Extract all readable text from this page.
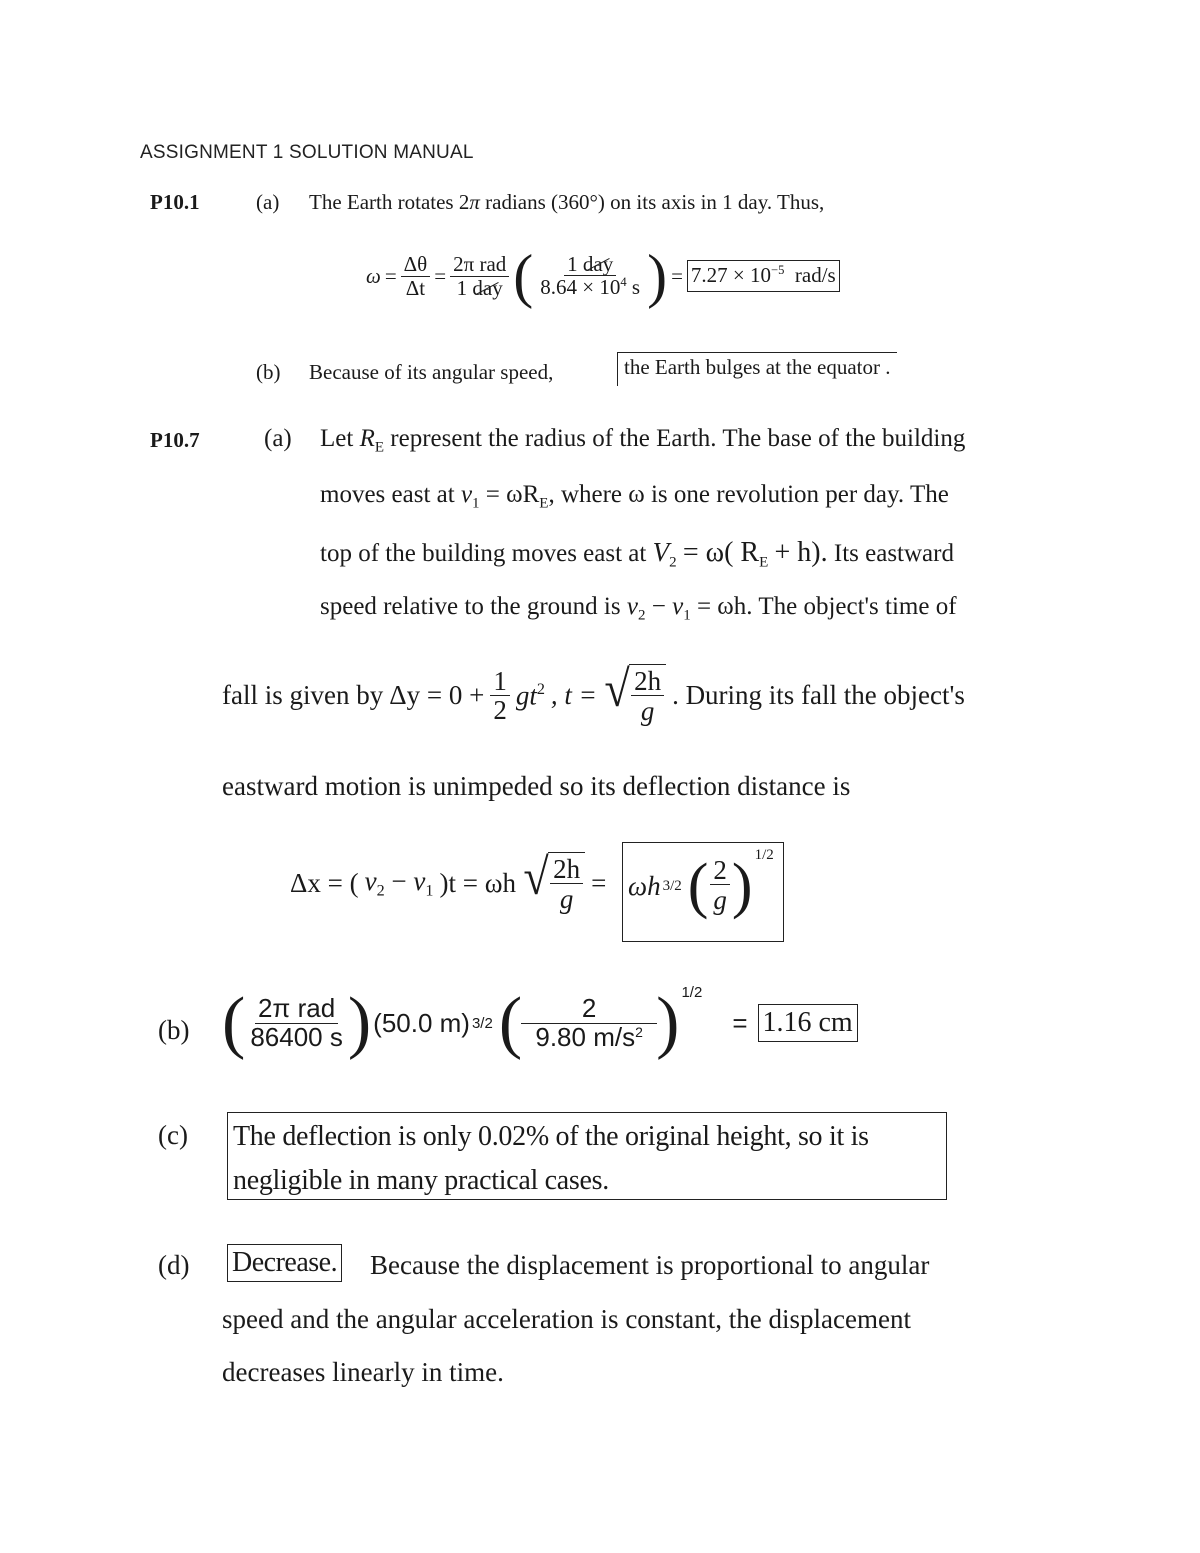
ASSIGNMENT 1 SOLUTION MANUAL
P10.1	(a) The Earth rotates 2π radians (360°) on its axis in 1 day. Thus,
$\omega = \frac{\Delta\theta}{\Delta t} = \frac{\text{2π rad}}{\text{1 day}}$ ( $\frac{\text{1 day}}{8.64 \times 10^4 s}$ ) = $7.27 \times 10^{-5}$ rad/s
(b) Because of its angular speed,	the Earth bulges at the equator .
P10.7	(a) Let $R_E$ represent the radius of the Earth. The base of the building
moves east at $v_1 = \omega R_E$, where ω is one revolution per day. The
top of the building moves east at $V_2 = \omega$( $R_E + h$). Its eastward
speed relative to the ground is $v_2 - v_1 = \omega h$. The object's time of
fall is given by $\Delta y = 0 + \frac{1}{2} gt^2$ , t = √ $\frac{2h}{g}$ . During its fall the object's
eastward motion is unimpeded so its deflection distance is
Δx = ( $v_2 - v_1$ )t = ωh √ $\frac{2h}{g} = \omega h$ 3/2 ( $\frac{2}{g}$ ) 1/2
(b) ( $\frac{\text{2π rad}}{86400 s}$ ) (50.0 m) 3/2 ( $\frac{2}{9.80 m/s^2}$ ) 1/2
= 1.16 cm
(c) The deflection is only 0.02% of the original height, so it is
negligible in many practical cases.
(d) Decrease. Because the displacement is proportional to angular
speed and the angular acceleration is constant, the displacement
decreases linearly in time.
